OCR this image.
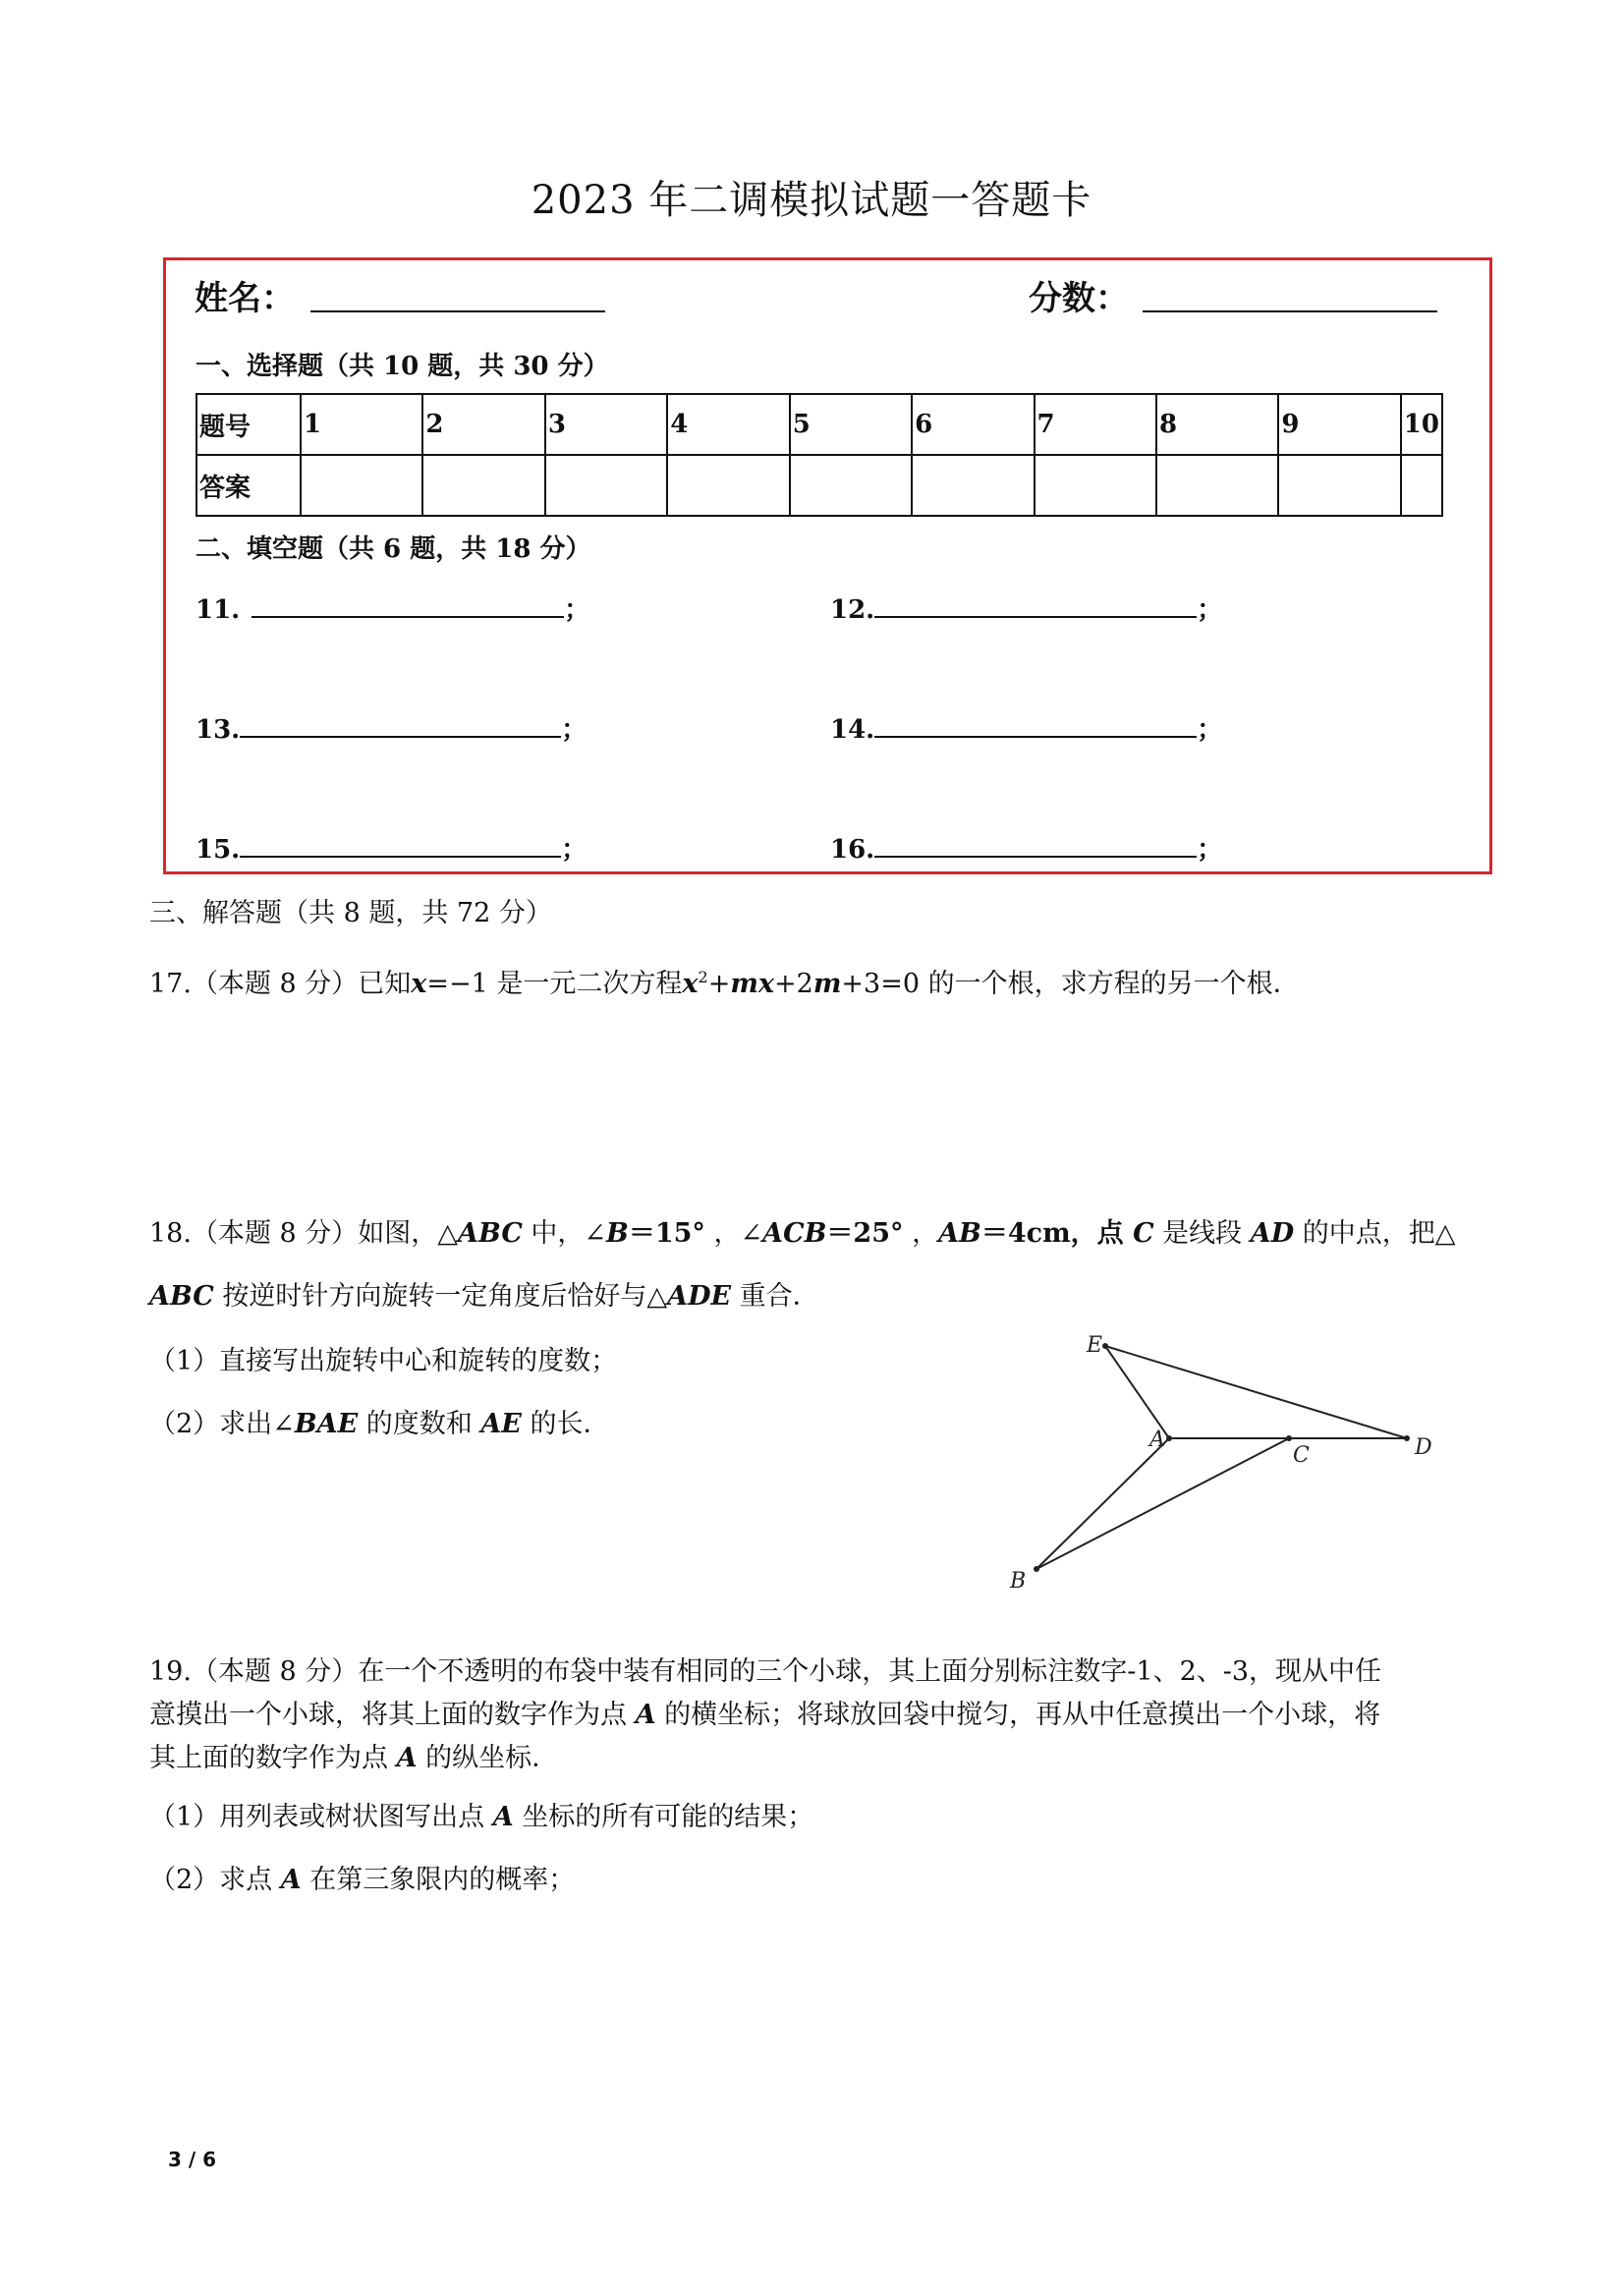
2023 年二调模拟试题一答题卡
姓名：	分数：
一、选择题（共 10 题，共 30 分）
题号	1	2	3	4	5	6	7	8	9	10
答案										
二、填空题（共 6 题，共 18 分）
11.	；	12.	；
13.	；	14.	；
15.	；	16.	；
三、解答题（共 8 题，共 72 分）
17.（本题 8 分）已知x=−1 是一元二次方程$x^2+mx+2m+3=0$ 的一个根，求方程的另一个根．
18.（本题 8 分）如图，△ABC 中，∠B＝15° ，∠ACB＝25° ，AB＝4cm，点 C 是线段 AD 的中点，把△
ABC 按逆时针方向旋转一定角度后恰好与△ADE 重合．
（1）直接写出旋转中心和旋转的度数；
（2）求出∠BAE 的度数和 AE 的长．
E
A
C	D
B
19.（本题 8 分）在一个不透明的布袋中装有相同的三个小球，其上面分别标注数字-1、2、-3，现从中任
意摸出一个小球，将其上面的数字作为点 A 的横坐标；将球放回袋中搅匀，再从中任意摸出一个小球，将
其上面的数字作为点 A 的纵坐标．
（1）用列表或树状图写出点 A 坐标的所有可能的结果；
（2）求点 A 在第三象限内的概率；
3 / 6
